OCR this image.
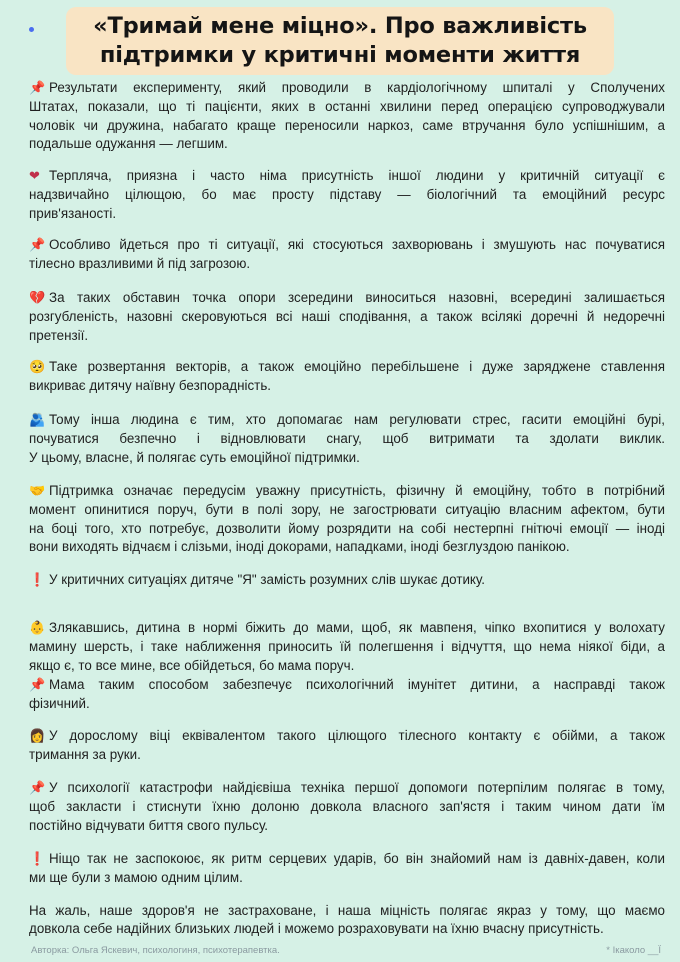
«Тримай мене міцно». Про важливість
підтримки у критичні моменти життя
📌 Результати експерименту, який проводили в кардіологічному шпиталі у Сполучених
Штатах, показали, що ті пацієнти, яких в останні хвилини перед операцією супроводжували
чоловік чи дружина, набагато краще переносили наркоз, саме втручання було успішнішим, а
подальше одужання — легшим.
❤ Терпляча, приязна і часто німа присутність іншої людини у критичній ситуації є
надзвичайно цілющою, бо має просту підставу — біологічний та емоційний ресурс
прив'язаності.
📌 Особливо йдеться про ті ситуації, які стосуються захворювань і змушують нас почуватися
тілесно вразливими й під загрозою.
💔 За таких обставин точка опори зсередини виноситься назовні, всередині залишається
розгубленість, назовні скеровуються всі наші сподівання, а також всілякі доречні й недоречні
претензії.
🥺 Таке розвертання векторів, а також емоційно перебільшене і дуже заряджене ставлення
викриває дитячу наївну безпорадність.
🫂 Тому інша людина є тим, хто допомагає нам регулювати стрес, гасити емоційні бурі,
почуватися безпечно і відновлювати снагу, щоб витримати та здолати виклик.
У цьому, власне, й полягає суть емоційної підтримки.
🤝 Підтримка означає передусім уважну присутність, фізичну й емоційну, тобто в потрібний
момент опинитися поруч, бути в полі зору, не загострювати ситуацію власним афектом, бути
на боці того, хто потребує, дозволити йому розрядити на собі нестерпні гнітючі емоції — іноді
вони виходять відчаєм і слізьми, іноді докорами, нападками, іноді безглуздою панікою.
❗ У критичних ситуаціях дитяче "Я" замість розумних слів шукає дотику.
👶 Злякавшись, дитина в нормі біжить до мами, щоб, як мавпеня, чіпко вхопитися у волохату
мамину шерсть, і таке наближення приносить їй полегшення і відчуття, що нема ніякої біди, а
якщо є, то все мине, все обійдеться, бо мама поруч.
📌 Мама таким способом забезпечує психологічний імунітет дитини, а насправді також
фізичний.
👩 У дорослому віці еквівалентом такого цілющого тілесного контакту є обійми, а також
тримання за руки.
📌 У психології катастрофи найдієвіша техніка першої допомоги потерпілим полягає в тому,
щоб закласти і стиснути їхню долоню довкола власного зап'ястя і таким чином дати їм
постійно відчувати биття свого пульсу.
❗ Ніщо так не заспокоює, як ритм серцевих ударів, бо він знайомий нам із давніх-давен, коли
ми ще були з мамою одним цілим.
На жаль, наше здоров'я не застраховане, і наша міцність полягає якраз у тому, що маємо
довкола себе надійних близьких людей і можемо розраховувати на їхню вчасну присутність.
Авторка: Ольга Яскевич, психологиня, психотерапевтка.	* Ікаколо __Ї
